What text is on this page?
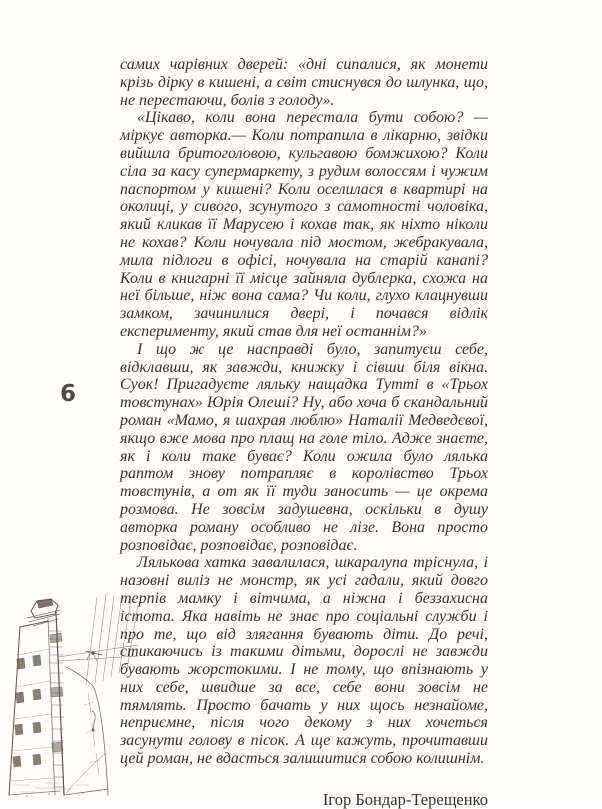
6

самих чарівних дверей: «дні сипалися, як монети крізь дірку в кишені, а світ стиснувся до шлунка, що, не перестаючи, болів з голоду».

«Цікаво, коли вона перестала бути собою? — міркує авторка.— Коли потрапила в лікарню, звідки вийшла бритоголовою, кульгавою бомжихою? Коли сіла за касу супермаркету, з рудим волоссям і чужим паспортом у кишені? Коли оселилася в квартирі на околиці, у сивого, зсунутого з самотності чоловіка, який кликав її Марусею і кохав так, як ніхто ніколи не кохав? Коли ночувала під мостом, жебракувала, мила підлоги в офісі, ночувала на старій канапі? Коли в книгарні її місце зайняла дублерка, схожа на неї більше, ніж вона сама? Чи коли, глухо клацнувши замком, зачинилися двері, і почався відлік експерименту, який став для неї останнім?»

І що ж це насправді було, запитуєш себе, відклавши, як завжди, книжку і сівши біля вікна. Суок! Пригадуєте ляльку нащадка Тутті в «Трьох товстунах» Юрія Олеші? Ну, або хоча б скандальний роман «Мамо, я шахрая люблю» Наталії Медведєвої, якщо вже мова про плащ на голе тіло. Адже знаєте, як і коли таке буває? Коли ожила було лялька раптом знову потрапляє в королівство Трьох товстунів, а от як її туди заносить — це окрема розмова. Не зовсім задушевна, оскільки в душу авторка роману особливо не лізе. Вона просто розповідає, розповідає, розповідає.

Лялькова хатка завалилася, шкаралупа тріснула, і назовні виліз не монстр, як усі гадали, який довго терпів мамку і вітчима, а ніжна і беззахисна істота. Яка навіть не знає про соціальні служби і про те, що від злягання бувають діти. До речі, стикаючись із такими дітьми, дорослі не завжди бувають жорстокими. І не тому, що впізнають у них себе, швидше за все, себе вони зовсім не тямлять. Просто бачать у них щось незнайоме, неприємне, після чого декому з них хочеться засунути голову в пісок. А ще кажуть, прочитавши цей роман, не вдасться залишитися собою колишнім.

Ігор Бондар-Терещенко
